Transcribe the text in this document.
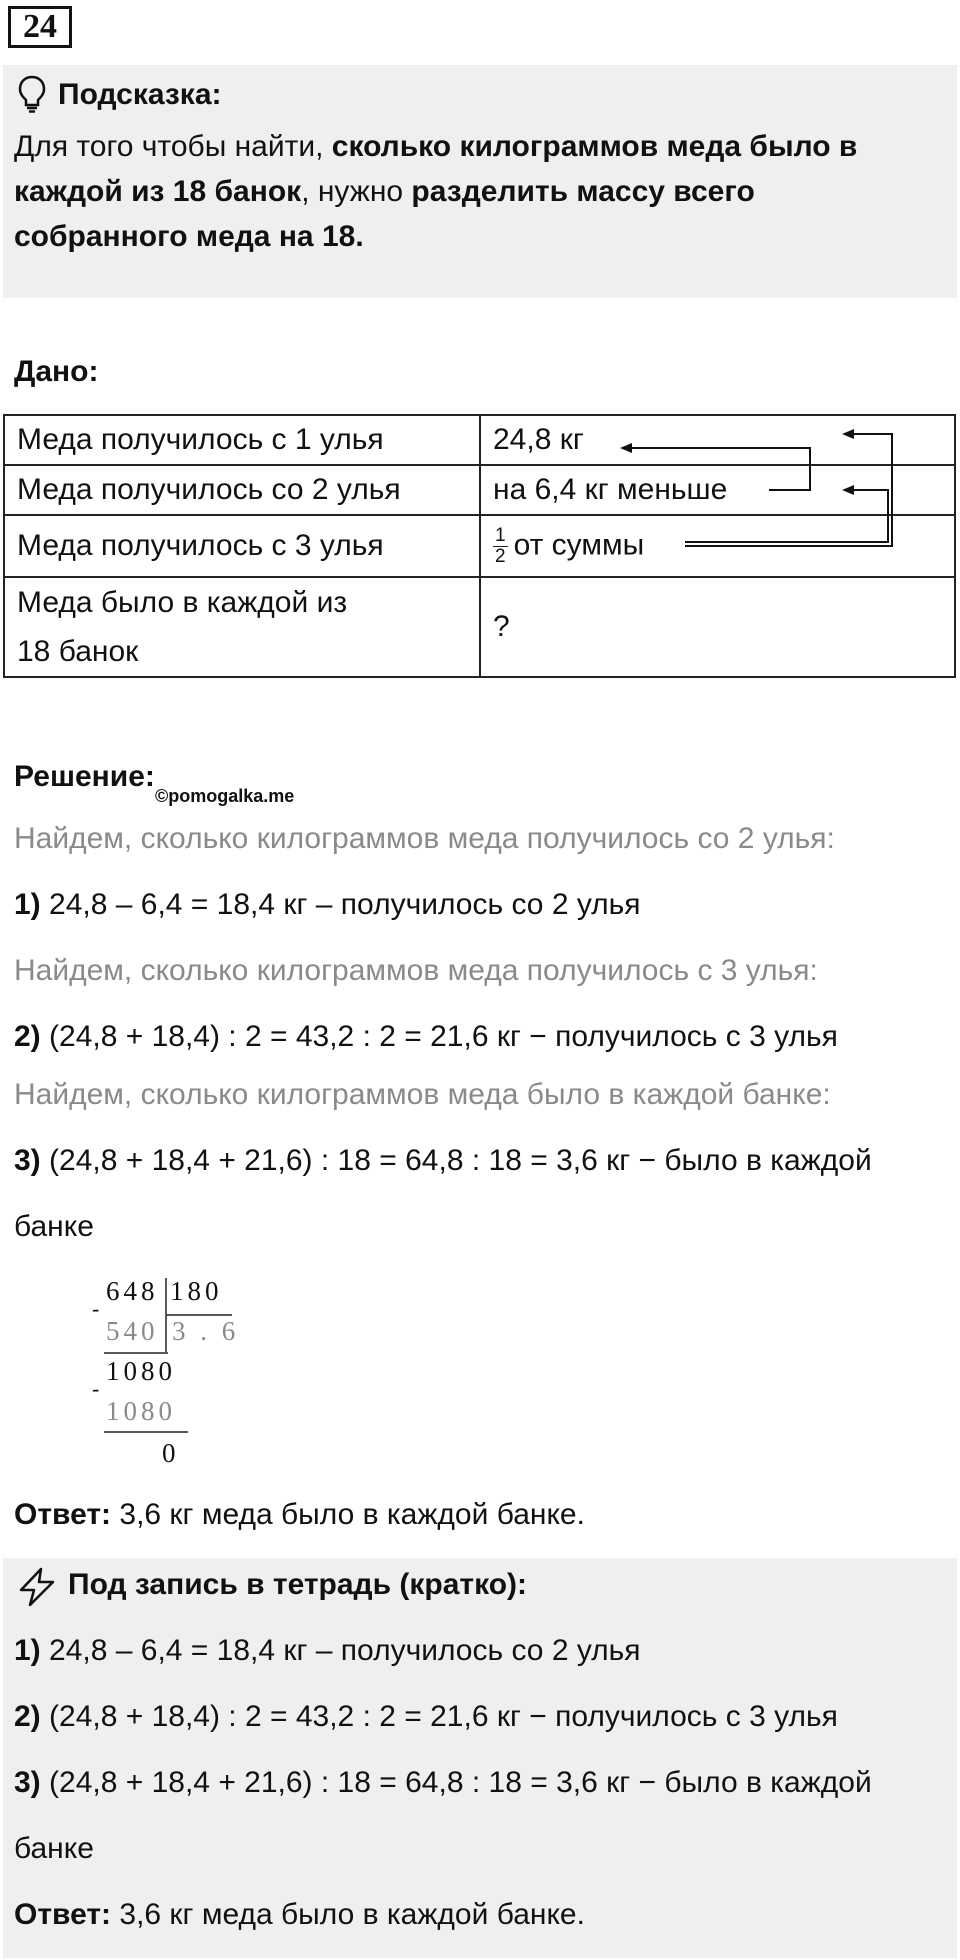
24
Подсказка:
Для того чтобы найти, сколько килограммов меда было в каждой из 18 банок, нужно разделить массу всего собранного меда на 18.
Дано:
Меда получилось с 1 улья	24,8 кг
Меда получилось со 2 улья	на 6,4 кг меньше
Меда получилось с 3 улья	$\frac{1}{2}$ от суммы
Меда было в каждой из
18 банок	?
Решение:
©pomogalka.me
Найдем, сколько килограммов меда получилось со 2 улья:
1) 24,8 – 6,4 = 18,4 кг – получилось со 2 улья
Найдем, сколько килограммов меда получилось с 3 улья:
2) (24,8 + 18,4) : 2 = 43,2 : 2 = 21,6 кг − получилось с 3 улья
Найдем, сколько килограммов меда было в каждой банке:
3) (24,8 + 18,4 + 21,6) : 18 = 64,8 : 18 = 3,6 кг − было в каждой
банке
648 180
-
540 3 . 6
-
1080
1080
0
Ответ: 3,6 кг меда было в каждой банке.
Под запись в тетрадь (кратко):
1) 24,8 – 6,4 = 18,4 кг – получилось со 2 улья
2) (24,8 + 18,4) : 2 = 43,2 : 2 = 21,6 кг − получилось с 3 улья
3) (24,8 + 18,4 + 21,6) : 18 = 64,8 : 18 = 3,6 кг − было в каждой
банке
Ответ: 3,6 кг меда было в каждой банке.
